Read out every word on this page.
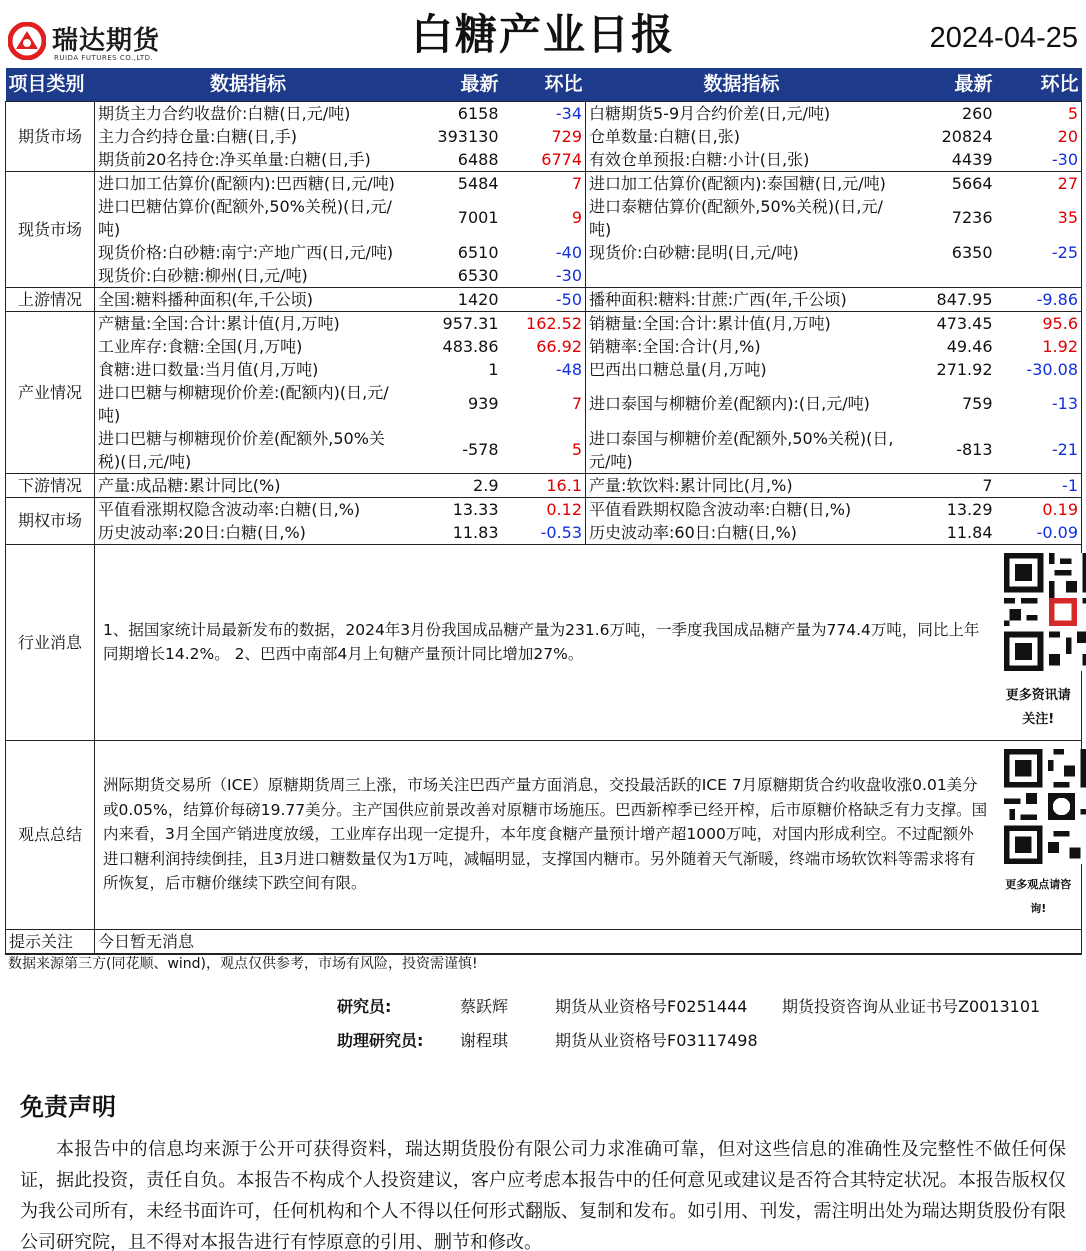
瑞达期货
RUIDA FUTURES CO.,LTD.	白糖产业日报	2024-04-25
项目类别	数据指标	最新	环比	数据指标	最新	环比
期货市场	期货主力合约收盘价:白糖(日,元/吨)	6158	-34	白糖期货5-9月合约价差(日,元/吨)	260	5
	主力合约持仓量:白糖(日,手)	393130	729	仓单数量:白糖(日,张)	20824	20
	期货前20名持仓:净买单量:白糖(日,手)	6488	6774	有效仓单预报:白糖:小计(日,张)	4439	-30
现货市场	进口加工估算价(配额内):巴西糖(日,元/吨)	5484	7	进口加工估算价(配额内):泰国糖(日,元/吨)	5664	27
	进口巴糖估算价(配额外,50%关税)(日,元/吨)	7001	9	进口泰糖估算价(配额外,50%关税)(日,元/吨)	7236	35
	现货价格:白砂糖:南宁:产地广西(日,元/吨)	6510	-40	现货价:白砂糖:昆明(日,元/吨)	6350	-25
	现货价:白砂糖:柳州(日,元/吨)	6530	-30			
上游情况	全国:糖料播种面积(年,千公顷)	1420	-50	播种面积:糖料:甘蔗:广西(年,千公顷)	847.95	-9.86
产业情况	产糖量:全国:合计:累计值(月,万吨)	957.31	162.52	销糖量:全国:合计:累计值(月,万吨)	473.45	95.6
	工业库存:食糖:全国(月,万吨)	483.86	66.92	销糖率:全国:合计(月,%)	49.46	1.92
	食糖:进口数量:当月值(月,万吨)	1	-48	巴西出口糖总量(月,万吨)	271.92	-30.08
	进口巴糖与柳糖现价价差:(配额内)(日,元/吨)	939	7	进口泰国与柳糖价差(配额内):(日,元/吨)	759	-13
	进口巴糖与柳糖现价价差(配额外,50%关税)(日,元/吨)	-578	5	进口泰国与柳糖价差(配额外,50%关税)(日,元/吨)	-813	-21
下游情况	产量:成品糖:累计同比(%)	2.9	16.1	产量:软饮料:累计同比(月,%)	7	-1
期权市场	平值看涨期权隐含波动率:白糖(日,%)	13.33	0.12	平值看跌期权隐含波动率:白糖(日,%)	13.29	0.19
	历史波动率:20日:白糖(日,%)	11.83	-0.53	历史波动率:60日:白糖(日,%)	11.84	-0.09
行业消息	1、据国家统计局最新发布的数据，2024年3月份我国成品糖产量为231.6万吨，一季度我国成品糖产量为774.4万吨，同比上年同期增长14.2%。 2、巴西中南部4月上旬糖产量预计同比增加27%。					更多资讯请关注!

观点总结	洲际期货交易所（ICE）原糖期货周三上涨，市场关注巴西产量方面消息，交投最活跃的ICE 7月原糖期货合约收盘收涨0.01美分或0.05%，结算价每磅19.77美分。主产国供应前景改善对原糖市场施压。巴西新榨季已经开榨，后市原糖价格缺乏有力支撑。国内来看，3月全国产销进度放缓，工业库存出现一定提升，本年度食糖产量预计增产超1000万吨，对国内形成利空。不过配额外进口糖利润持续倒挂，且3月进口糖数量仅为1万吨，减幅明显，支撑国内糖市。另外随着天气渐暖，终端市场软饮料等需求将有所恢复，后市糖价继续下跌空间有限。					更多观点请咨询!

提示关注	今日暂无消息					
数据来源第三方(同花顺、wind)，观点仅供参考，市场有风险，投资需谨慎!
研究员:	蔡跃辉	期货从业资格号F0251444 期货投资咨询从业证书号Z0013101
助理研究员: 谢程琪	期货从业资格号F03117498
免责声明
本报告中的信息均来源于公开可获得资料，瑞达期货股份有限公司力求准确可靠，但对这些信息的准确性及完整性不做任何保证，据此投资，责任自负。本报告不构成个人投资建议，客户应考虑本报告中的任何意见或建议是否符合其特定状况。本报告版权仅为我公司所有，未经书面许可，任何机构和个人不得以任何形式翻版、复制和发布。如引用、刊发，需注明出处为瑞达期货股份有限公司研究院，且不得对本报告进行有悖原意的引用、删节和修改。
